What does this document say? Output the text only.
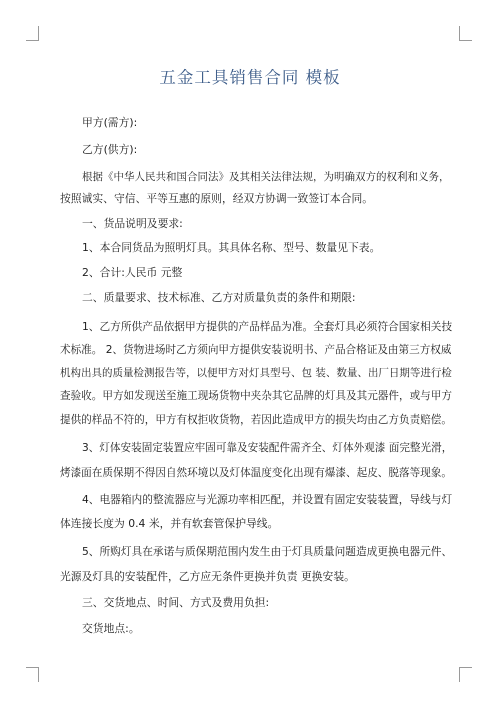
五金工具销售合同 模板
甲方(需方):
乙方(供方):
根据《中华人民共和国合同法》及其相关法律法规，为明确双方的权利和义务，
按照诚实、守信、平等互惠的原则，经双方协调一致签订本合同。
一、货品说明及要求:
1、本合同货品为照明灯具。其具体名称、型号、数量见下表。
2、合计:人民币 元整
二、质量要求、技术标准、乙方对质量负责的条件和期限:
1、乙方所供产品依据甲方提供的产品样品为准。全套灯具必须符合国家相关技
术标准。 2、货物进场时乙方须向甲方提供安装说明书、产品合格证及由第三方权威
机构出具的质量检测报告等，以便甲方对灯具型号、包 装、数量、出厂日期等进行检
查验收。甲方如发现送至施工现场货物中夹杂其它品牌的灯具及其元器件，或与甲方
提供的样品不符的，甲方有权拒收货物，若因此造成甲方的损失均由乙方负责赔偿。
3、灯体安装固定装置应牢固可靠及安装配件需齐全、灯体外观漆 面完整光滑，
烤漆面在质保期不得因自然环境以及灯体温度变化出现有爆漆、起皮、脱落等现象。
4、电器箱内的整流器应与光源功率相匹配，并设置有固定安装装置，导线与灯
体连接长度为 0.4 米，并有软套管保护导线。
5、所购灯具在承诺与质保期范围内发生由于灯具质量问题造成更换电器元件、
光源及灯具的安装配件，乙方应无条件更换并负责 更换安装。
三、交货地点、时间、方式及费用负担:
交货地点:。
